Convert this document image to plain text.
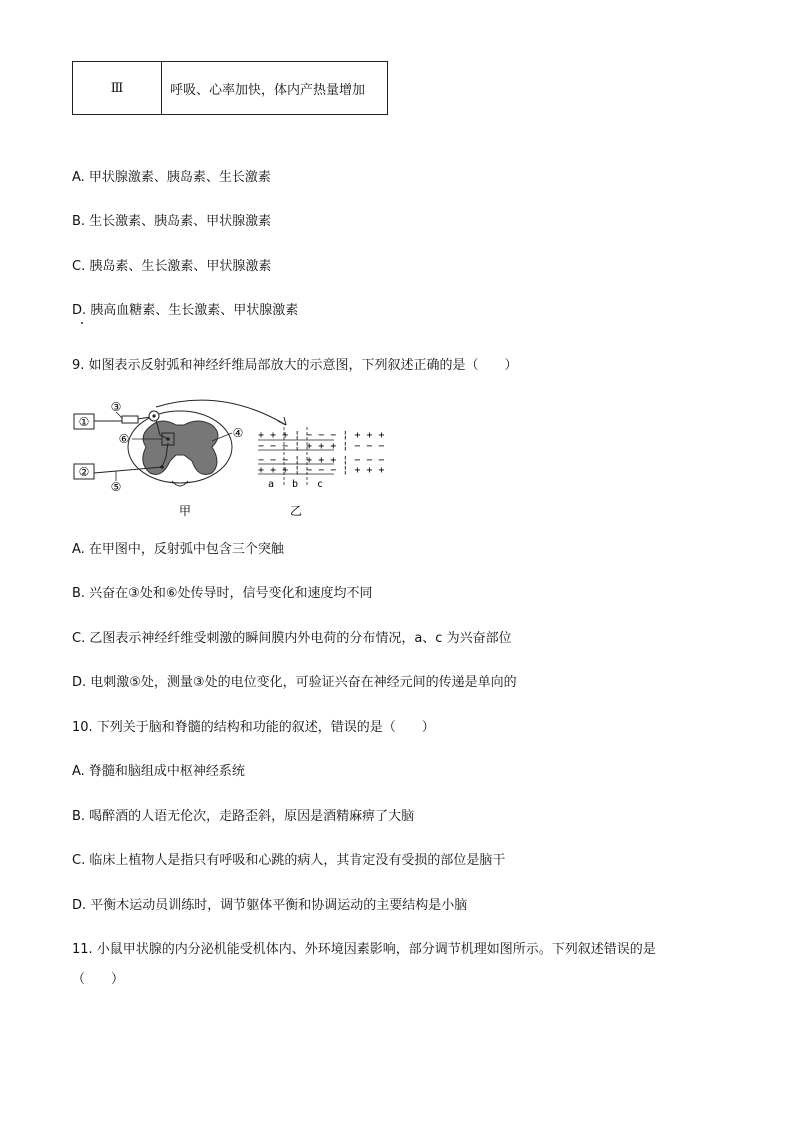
Ⅲ	呼吸、心率加快，体内产热量增加
A. 甲状腺激素、胰岛素、生长激素
B. 生长激素、胰岛素、甲状腺激素
C. 胰岛素、生长激素、甲状腺激素
D. 胰高血糖素、生长激素、甲状腺激素
9. 如图表示反射弧和神经纤维局部放大的示意图，下列叙述正确的是（　　）
①
②
③
④
⑤
⑥
甲
+ + + ¦ − − − ¦ + + +
− − − ¦ + + + ¦ − − −
− − − ¦ + + + ¦ − − −
+ + + ¦ − − − ¦ + + +
a b c
乙
A. 在甲图中，反射弧中包含三个突触
B. 兴奋在③处和⑥处传导时，信号变化和速度均不同
C. 乙图表示神经纤维受刺激的瞬间膜内外电荷的分布情况，a、c 为兴奋部位
D. 电刺激⑤处，测量③处的电位变化，可验证兴奋在神经元间的传递是单向的
10. 下列关于脑和脊髓的结构和功能的叙述，错误的是（　　）
A. 脊髓和脑组成中枢神经系统
B. 喝醉酒的人语无伦次，走路歪斜，原因是酒精麻痹了大脑
C. 临床上植物人是指只有呼吸和心跳的病人，其肯定没有受损的部位是脑干
D. 平衡木运动员训练时，调节躯体平衡和协调运动的主要结构是小脑
11. 小鼠甲状腺的内分泌机能受机体内、外环境因素影响，部分调节机理如图所示。下列叙述错误的是
（　　）
